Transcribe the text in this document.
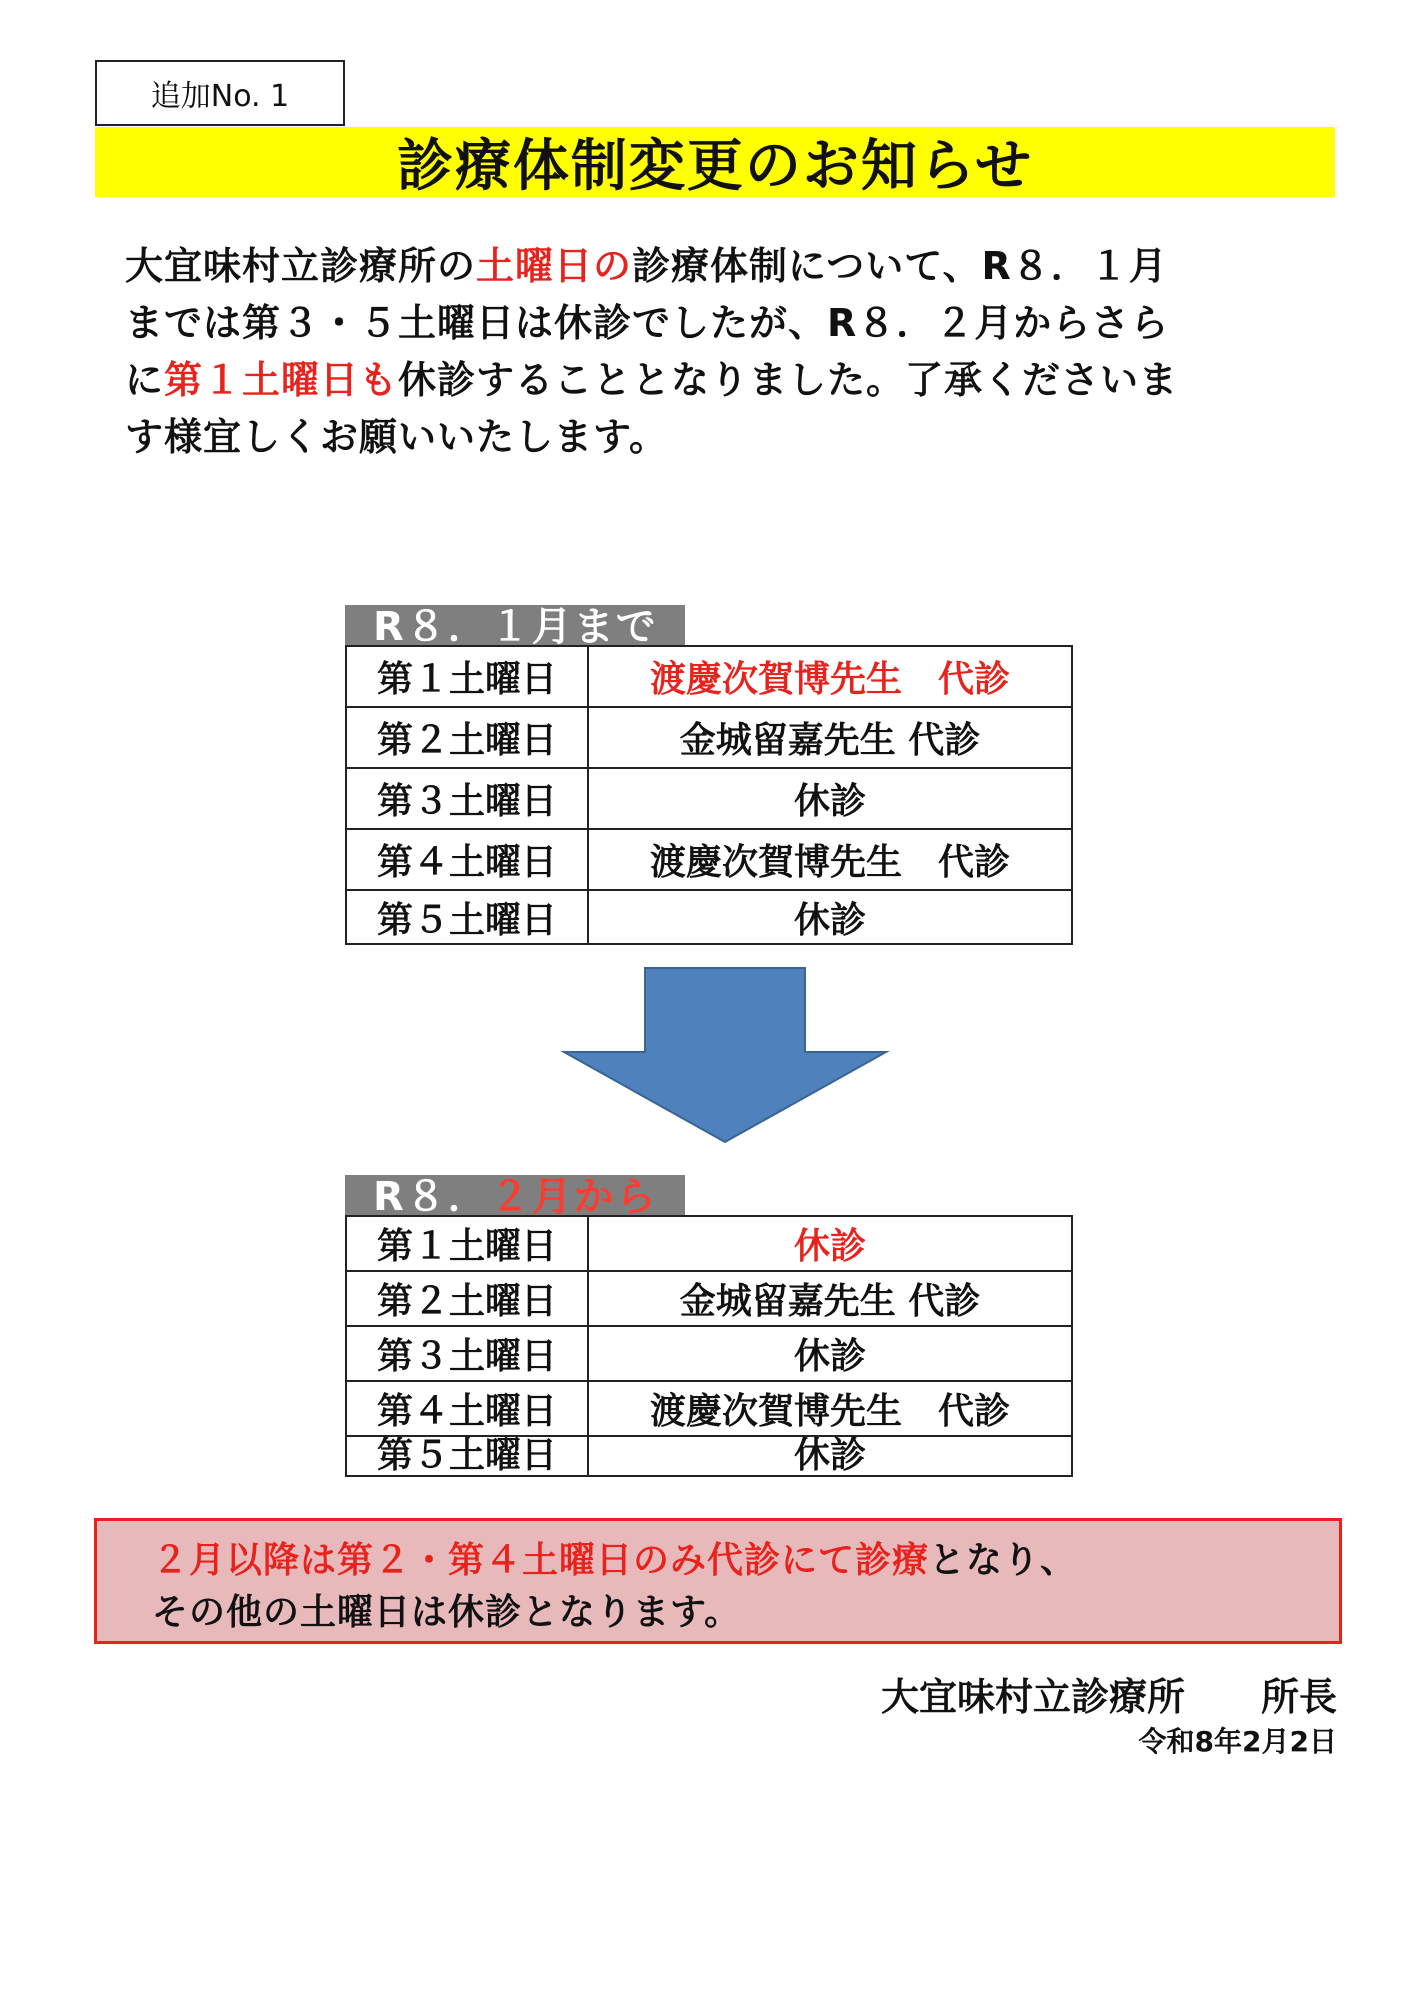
追加No. 1
診療体制変更のお知らせ
大宜味村立診療所の土曜日の診療体制について、R８．１月
までは第３・５土曜日は休診でしたが、R８．２月からさら
に第１土曜日も休診することとなりました。了承くださいま
す様宜しくお願いいたします。
R８．１月まで
第１土曜日	渡慶次賀博先生　代診
第２土曜日	金城留嘉先生 代診
第３土曜日	休診
第４土曜日	渡慶次賀博先生　代診
第５土曜日	休診
R８．２月から
第１土曜日	休診
第２土曜日	金城留嘉先生 代診
第３土曜日	休診
第４土曜日	渡慶次賀博先生　代診
第５土曜日	休診
２月以降は第２・第４土曜日のみ代診にて診療となり、
その他の土曜日は休診となります。
大宜味村立診療所　　所長
令和8年2月2日
